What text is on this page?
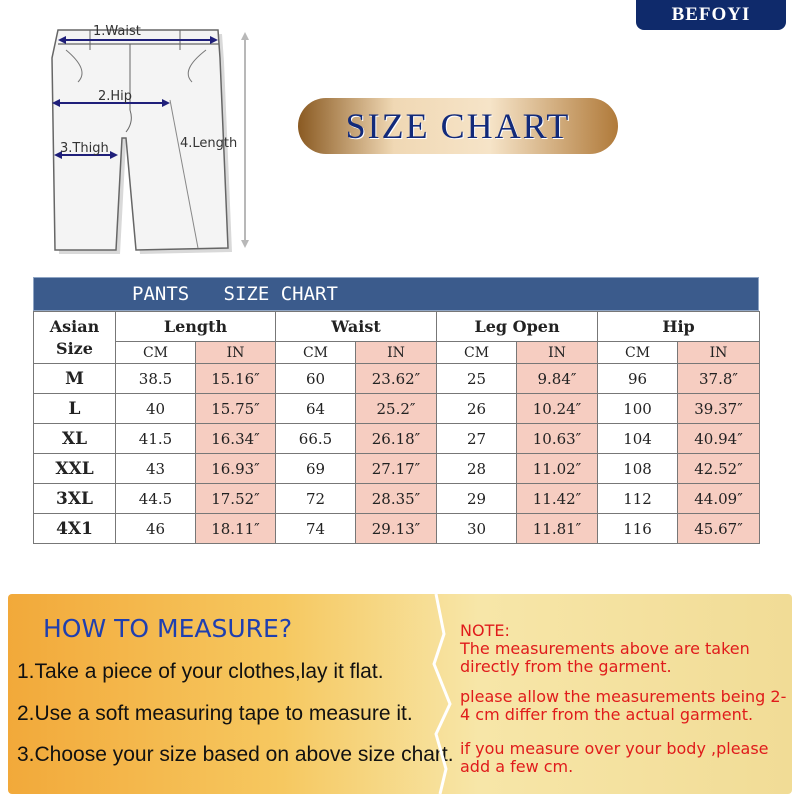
BEFOYI
1.Waist
2.Hip
3.Thigh	4.Length	SIZE CHART
PANTS   SIZE CHART
Asian
Size	Length		Waist		Leg Open		Hip	
	CM	IN	CM	IN	CM	IN	CM	IN
M	38.5	15.16″	60	23.62″	25	9.84″	96	37.8″
L	40	15.75″	64	25.2″	26	10.24″	100	39.37″
XL	41.5	16.34″	66.5	26.18″	27	10.63″	104	40.94″
XXL	43	16.93″	69	27.17″	28	11.02″	108	42.52″
3XL	44.5	17.52″	72	28.35″	29	11.42″	112	44.09″
4X1	46	18.11″	74	29.13″	30	11.81″	116	45.67″
HOW TO MEASURE?
1.Take a piece of your clothes,lay it flat.
2.Use a soft measuring tape to measure it.
3.Choose your size based on above size chart.
NOTE:
The measurements above are taken directly from the garment.
please allow the measurements being 2-4 cm differ from the actual garment.
if you measure over your body ,please add a few cm.
